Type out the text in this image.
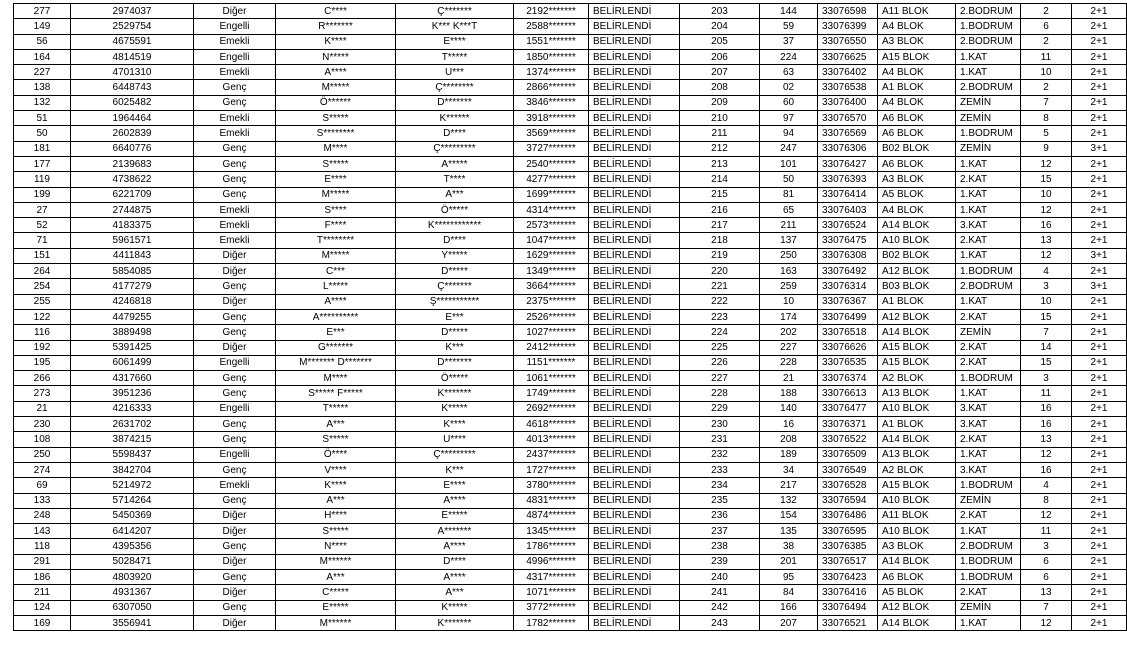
277	2974037	Diğer	C****	Ç*******	2192*******	BELİRLENDİ	203	144	33076598	A11 BLOK	2.BODRUM	2	2+1
149	2529754	Engelli	R*******	K*** K***T	2588*******	BELİRLENDİ	204	59	33076399	A4 BLOK	1.BODRUM	6	2+1
56	4675591	Emekli	K****	E****	1551*******	BELİRLENDİ	205	37	33076550	A3 BLOK	2.BODRUM	2	2+1
164	4814519	Engelli	N*****	T*****	1850*******	BELİRLENDİ	206	224	33076625	A15 BLOK	1.KAT	11	2+1
227	4701310	Emekli	A****	U***	1374*******	BELİRLENDİ	207	63	33076402	A4 BLOK	1.KAT	10	2+1
138	6448743	Genç	M*****	Ç********	2866*******	BELİRLENDİ	208	02	33076538	A1 BLOK	2.BODRUM	2	2+1
132	6025482	Genç	Ö******	D*******	3846*******	BELİRLENDİ	209	60	33076400	A4 BLOK	ZEMİN	7	2+1
51	1964464	Emekli	S*****	K******	3918*******	BELİRLENDİ	210	97	33076570	A6 BLOK	ZEMİN	8	2+1
50	2602839	Emekli	S********	D****	3569*******	BELİRLENDİ	211	94	33076569	A6 BLOK	1.BODRUM	5	2+1
181	6640776	Genç	M****	Ç*********	3727*******	BELİRLENDİ	212	247	33076306	B02 BLOK	ZEMİN	9	3+1
177	2139683	Genç	S*****	A*****	2540*******	BELİRLENDİ	213	101	33076427	A6 BLOK	1.KAT	12	2+1
119	4738622	Genç	E****	T****	4277*******	BELİRLENDİ	214	50	33076393	A3 BLOK	2.KAT	15	2+1
199	6221709	Genç	M*****	A***	1699*******	BELİRLENDİ	215	81	33076414	A5 BLOK	1.KAT	10	2+1
27	2744875	Emekli	S****	Ö*****	4314*******	BELİRLENDİ	216	65	33076403	A4 BLOK	1.KAT	12	2+1
52	4183375	Emekli	F****	K************	2573*******	BELİRLENDİ	217	211	33076524	A14 BLOK	3.KAT	16	2+1
71	5961571	Emekli	T********	D****	1047*******	BELİRLENDİ	218	137	33076475	A10 BLOK	2.KAT	13	2+1
151	4411843	Diğer	M*****	Y*****	1629*******	BELİRLENDİ	219	250	33076308	B02 BLOK	1.KAT	12	3+1
264	5854085	Diğer	C***	D*****	1349*******	BELİRLENDİ	220	163	33076492	A12 BLOK	1.BODRUM	4	2+1
254	4177279	Genç	L*****	Ç*******	3664*******	BELİRLENDİ	221	259	33076314	B03 BLOK	2.BODRUM	3	3+1
255	4246818	Diğer	A****	Ş***********	2375*******	BELİRLENDİ	222	10	33076367	A1 BLOK	1.KAT	10	2+1
122	4479255	Genç	A**********	E***	2526*******	BELİRLENDİ	223	174	33076499	A12 BLOK	2.KAT	15	2+1
116	3889498	Genç	E***	D*****	1027*******	BELİRLENDİ	224	202	33076518	A14 BLOK	ZEMİN	7	2+1
192	5391425	Diğer	G*******	K***	2412*******	BELİRLENDİ	225	227	33076626	A15 BLOK	2.KAT	14	2+1
195	6061499	Engelli	M******* D*******	D*******	1151*******	BELİRLENDİ	226	228	33076535	A15 BLOK	2.KAT	15	2+1
266	4317660	Genç	M****	Ö*****	1061*******	BELİRLENDİ	227	21	33076374	A2 BLOK	1.BODRUM	3	2+1
273	3951236	Genç	S***** F*****	K*******	1749*******	BELİRLENDİ	228	188	33076613	A13 BLOK	1.KAT	11	2+1
21	4216333	Engelli	T*****	K*****	2692*******	BELİRLENDİ	229	140	33076477	A10 BLOK	3.KAT	16	2+1
230	2631702	Genç	A***	K****	4618*******	BELİRLENDİ	230	16	33076371	A1 BLOK	3.KAT	16	2+1
108	3874215	Genç	S*****	U****	4013*******	BELİRLENDİ	231	208	33076522	A14 BLOK	2.KAT	13	2+1
250	5598437	Engelli	Ö****	Ç*********	2437*******	BELİRLENDİ	232	189	33076509	A13 BLOK	1.KAT	12	2+1
274	3842704	Genç	V****	K***	1727*******	BELİRLENDİ	233	34	33076549	A2 BLOK	3.KAT	16	2+1
69	5214972	Emekli	K****	E****	3780*******	BELİRLENDİ	234	217	33076528	A15 BLOK	1.BODRUM	4	2+1
133	5714264	Genç	A***	A****	4831*******	BELİRLENDİ	235	132	33076594	A10 BLOK	ZEMİN	8	2+1
248	5450369	Diğer	H****	E*****	4874*******	BELİRLENDİ	236	154	33076486	A11 BLOK	2.KAT	12	2+1
143	6414207	Diğer	S*****	A*******	1345*******	BELİRLENDİ	237	135	33076595	A10 BLOK	1.KAT	11	2+1
118	4395356	Genç	N****	A****	1786*******	BELİRLENDİ	238	38	33076385	A3 BLOK	2.BODRUM	3	2+1
291	5028471	Diğer	M******	D****	4996*******	BELİRLENDİ	239	201	33076517	A14 BLOK	1.BODRUM	6	2+1
186	4803920	Genç	A***	A****	4317*******	BELİRLENDİ	240	95	33076423	A6 BLOK	1.BODRUM	6	2+1
211	4931367	Diğer	C*****	A***	1071*******	BELİRLENDİ	241	84	33076416	A5 BLOK	2.KAT	13	2+1
124	6307050	Genç	E*****	K*****	3772*******	BELİRLENDİ	242	166	33076494	A12 BLOK	ZEMİN	7	2+1
169	3556941	Diğer	M******	K*******	1782*******	BELİRLENDİ	243	207	33076521	A14 BLOK	1.KAT	12	2+1
